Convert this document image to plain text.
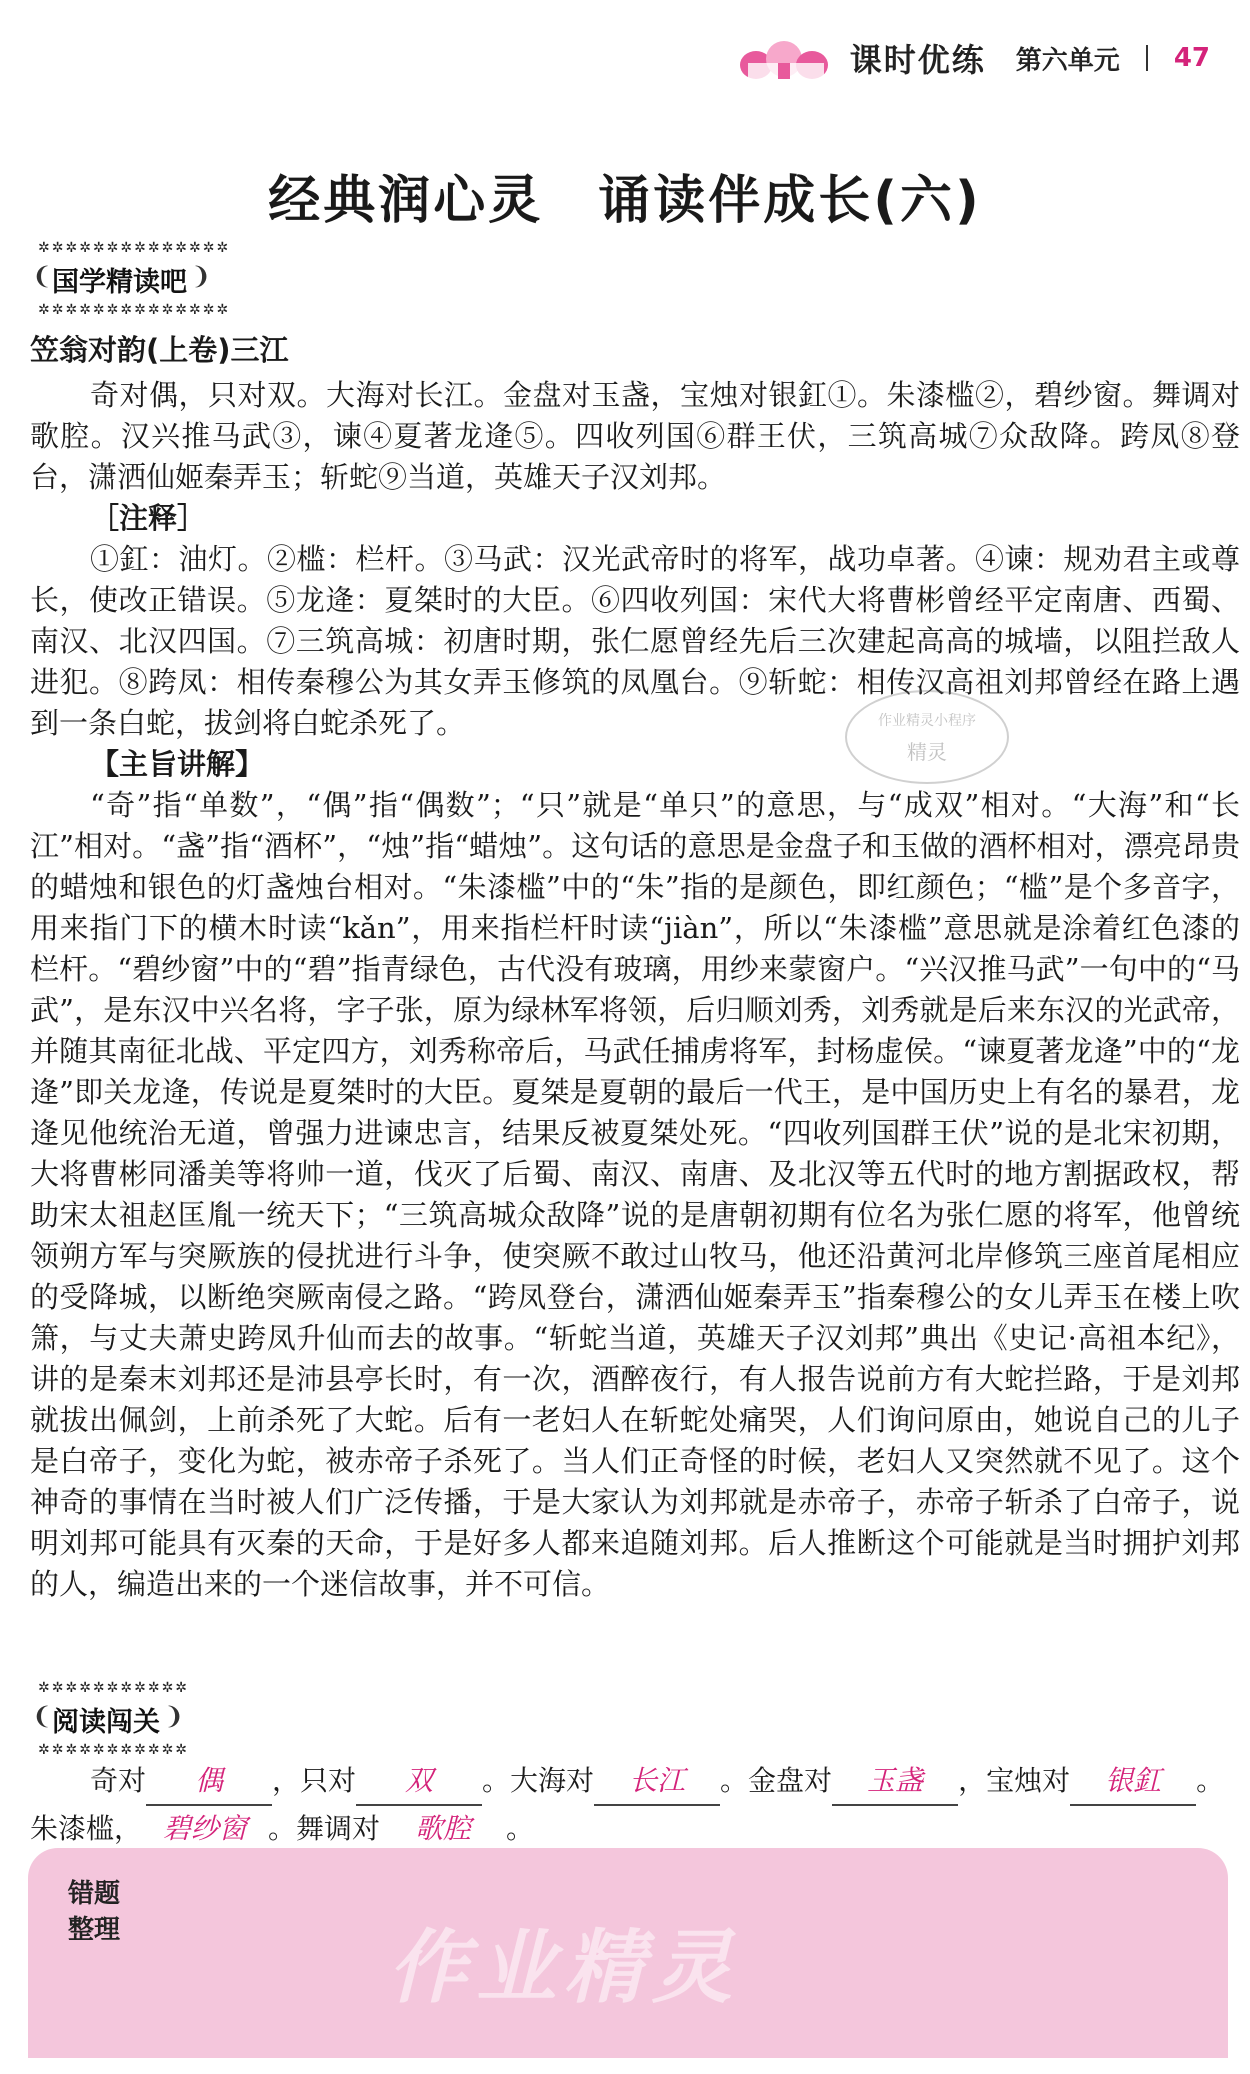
课时优练 第六单元 47
经典润心灵　诵读伴成长(六)
✲✲✲✲✲✲✲✲✲✲✲✲✲✲
❨ 国学精读吧 ❩
✲✲✲✲✲✲✲✲✲✲✲✲✲✲

笠翁对韵(上卷)三江

奇对偶，只对双。大海对长江。金盘对玉盏，宝烛对银釭①。朱漆槛②，碧纱窗。舞调对歌腔。汉兴推马武③，谏④夏著龙逄⑤。四收列国⑥群王伏，三筑高城⑦众敌降。跨凤⑧登台，潇洒仙姬秦弄玉；斩蛇⑨当道，英雄天子汉刘邦。

［注释］

①釭：油灯。②槛：栏杆。③马武：汉光武帝时的将军，战功卓著。④谏：规劝君主或尊长，使改正错误。⑤龙逄：夏桀时的大臣。⑥四收列国：宋代大将曹彬曾经平定南唐、西蜀、南汉、北汉四国。⑦三筑高城：初唐时期，张仁愿曾经先后三次建起高高的城墙，以阻拦敌人进犯。⑧跨凤：相传秦穆公为其女弄玉修筑的凤凰台。⑨斩蛇：相传汉高祖刘邦曾经在路上遇到一条白蛇，拔剑将白蛇杀死了。

【主旨讲解】

“奇”指“单数”，“偶”指“偶数”；“只”就是“单只”的意思，与“成双”相对。“大海”和“长江”相对。“盏”指“酒杯”，“烛”指“蜡烛”。这句话的意思是金盘子和玉做的酒杯相对，漂亮昂贵的蜡烛和银色的灯盏烛台相对。“朱漆槛”中的“朱”指的是颜色，即红颜色；“槛”是个多音字，用来指门下的横木时读“kǎn”，用来指栏杆时读“jiàn”，所以“朱漆槛”意思就是涂着红色漆的栏杆。“碧纱窗”中的“碧”指青绿色，古代没有玻璃，用纱来蒙窗户。“兴汉推马武”一句中的“马武”，是东汉中兴名将，字子张，原为绿林军将领，后归顺刘秀，刘秀就是后来东汉的光武帝，并随其南征北战、平定四方，刘秀称帝后，马武任捕虏将军，封杨虚侯。“谏夏著龙逄”中的“龙逄”即关龙逄，传说是夏桀时的大臣。夏桀是夏朝的最后一代王，是中国历史上有名的暴君，龙逄见他统治无道，曾强力进谏忠言，结果反被夏桀处死。“四收列国群王伏”说的是北宋初期，大将曹彬同潘美等将帅一道，伐灭了后蜀、南汉、南唐、及北汉等五代时的地方割据政权，帮助宋太祖赵匡胤一统天下；“三筑高城众敌降”说的是唐朝初期有位名为张仁愿的将军，他曾统领朔方军与突厥族的侵扰进行斗争，使突厥不敢过山牧马，他还沿黄河北岸修筑三座首尾相应的受降城，以断绝突厥南侵之路。“跨凤登台，潇洒仙姬秦弄玉”指秦穆公的女儿弄玉在楼上吹箫，与丈夫萧史跨凤升仙而去的故事。“斩蛇当道，英雄天子汉刘邦”典出《史记·高祖本纪》，讲的是秦末刘邦还是沛县亭长时，有一次，酒醉夜行，有人报告说前方有大蛇拦路，于是刘邦就拔出佩剑，上前杀死了大蛇。后有一老妇人在斩蛇处痛哭，人们询问原由，她说自己的儿子是白帝子，变化为蛇，被赤帝子杀死了。当人们正奇怪的时候，老妇人又突然就不见了。这个神奇的事情在当时被人们广泛传播，于是大家认为刘邦就是赤帝子，赤帝子斩杀了白帝子，说明刘邦可能具有灭秦的天命，于是好多人都来追随刘邦。后人推断这个可能就是当时拥护刘邦的人，编造出来的一个迷信故事，并不可信。

作业精灵小程序
精灵
✲✲✲✲✲✲✲✲✲✲✲
❨ 阅读闯关 ❩
✲✲✲✲✲✲✲✲✲✲✲

奇对 偶 ，只对 双 。大海对 长江 。金盘对 玉盏 ，宝烛对 银釭 。朱漆槛， 碧纱窗 。舞调对 歌腔 。

错题整理	作业精灵
